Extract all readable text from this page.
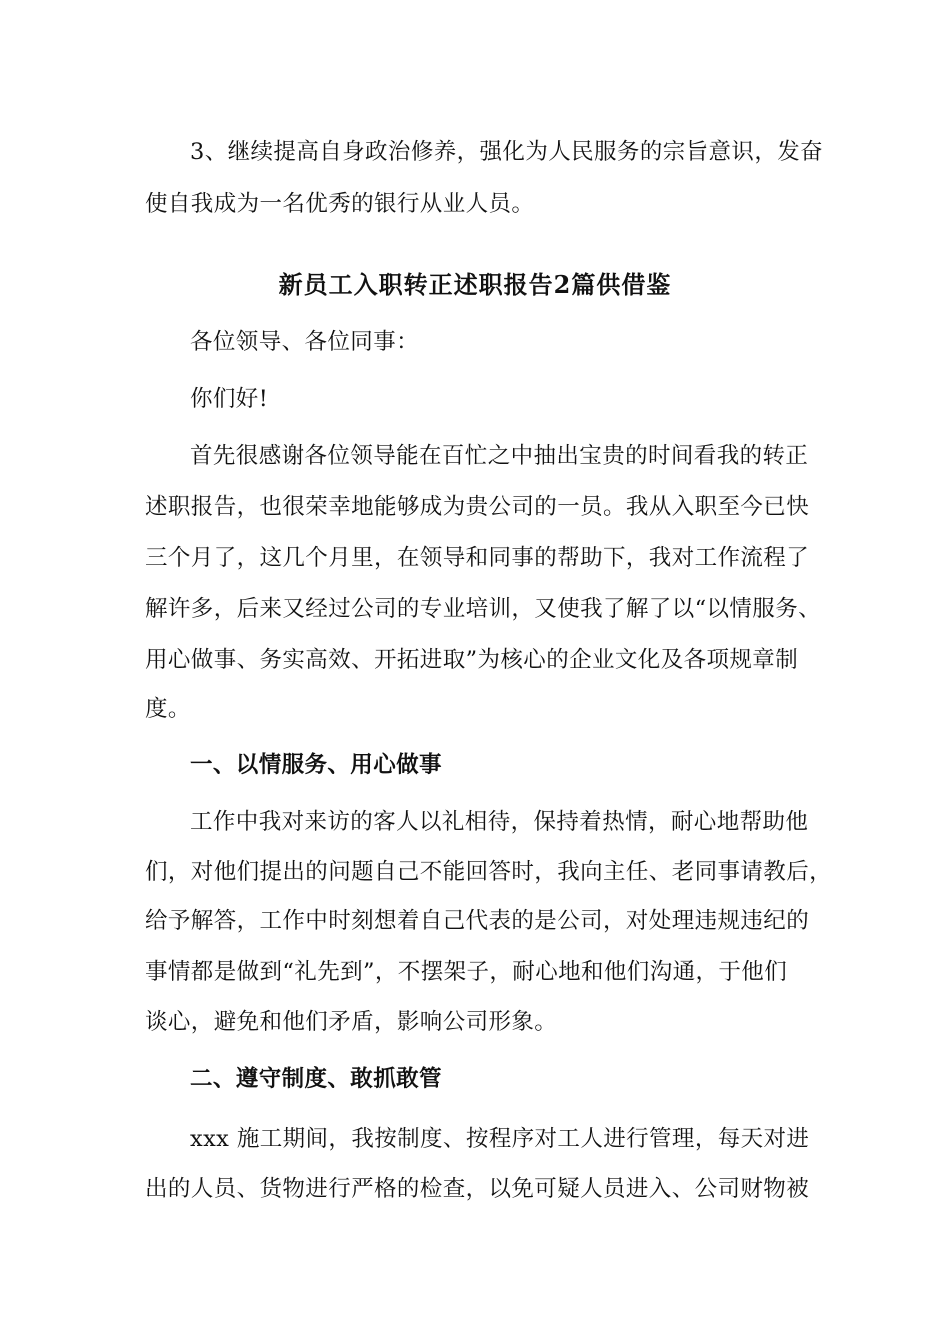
3、继续提高自身政治修养，强化为人民服务的宗旨意识，发奋
使自我成为一名优秀的银行从业人员。
新员工入职转正述职报告2篇供借鉴
各位领导、各位同事：
你们好!
首先很感谢各位领导能在百忙之中抽出宝贵的时间看我的转正
述职报告，也很荣幸地能够成为贵公司的一员。我从入职至今已快
三个月了，这几个月里，在领导和同事的帮助下，我对工作流程了
解许多，后来又经过公司的专业培训，又使我了解了以“以情服务、
用心做事、务实高效、开拓进取”为核心的企业文化及各项规章制
度。
一、以情服务、用心做事
工作中我对来访的客人以礼相待，保持着热情，耐心地帮助他
们，对他们提出的问题自己不能回答时，我向主任、老同事请教后，
给予解答，工作中时刻想着自己代表的是公司，对处理违规违纪的
事情都是做到“礼先到”，不摆架子，耐心地和他们沟通，于他们
谈心，避免和他们矛盾，影响公司形象。
二、遵守制度、敢抓敢管
xxx 施工期间，我按制度、按程序对工人进行管理，每天对进
出的人员、货物进行严格的检查，以免可疑人员进入、公司财物被
